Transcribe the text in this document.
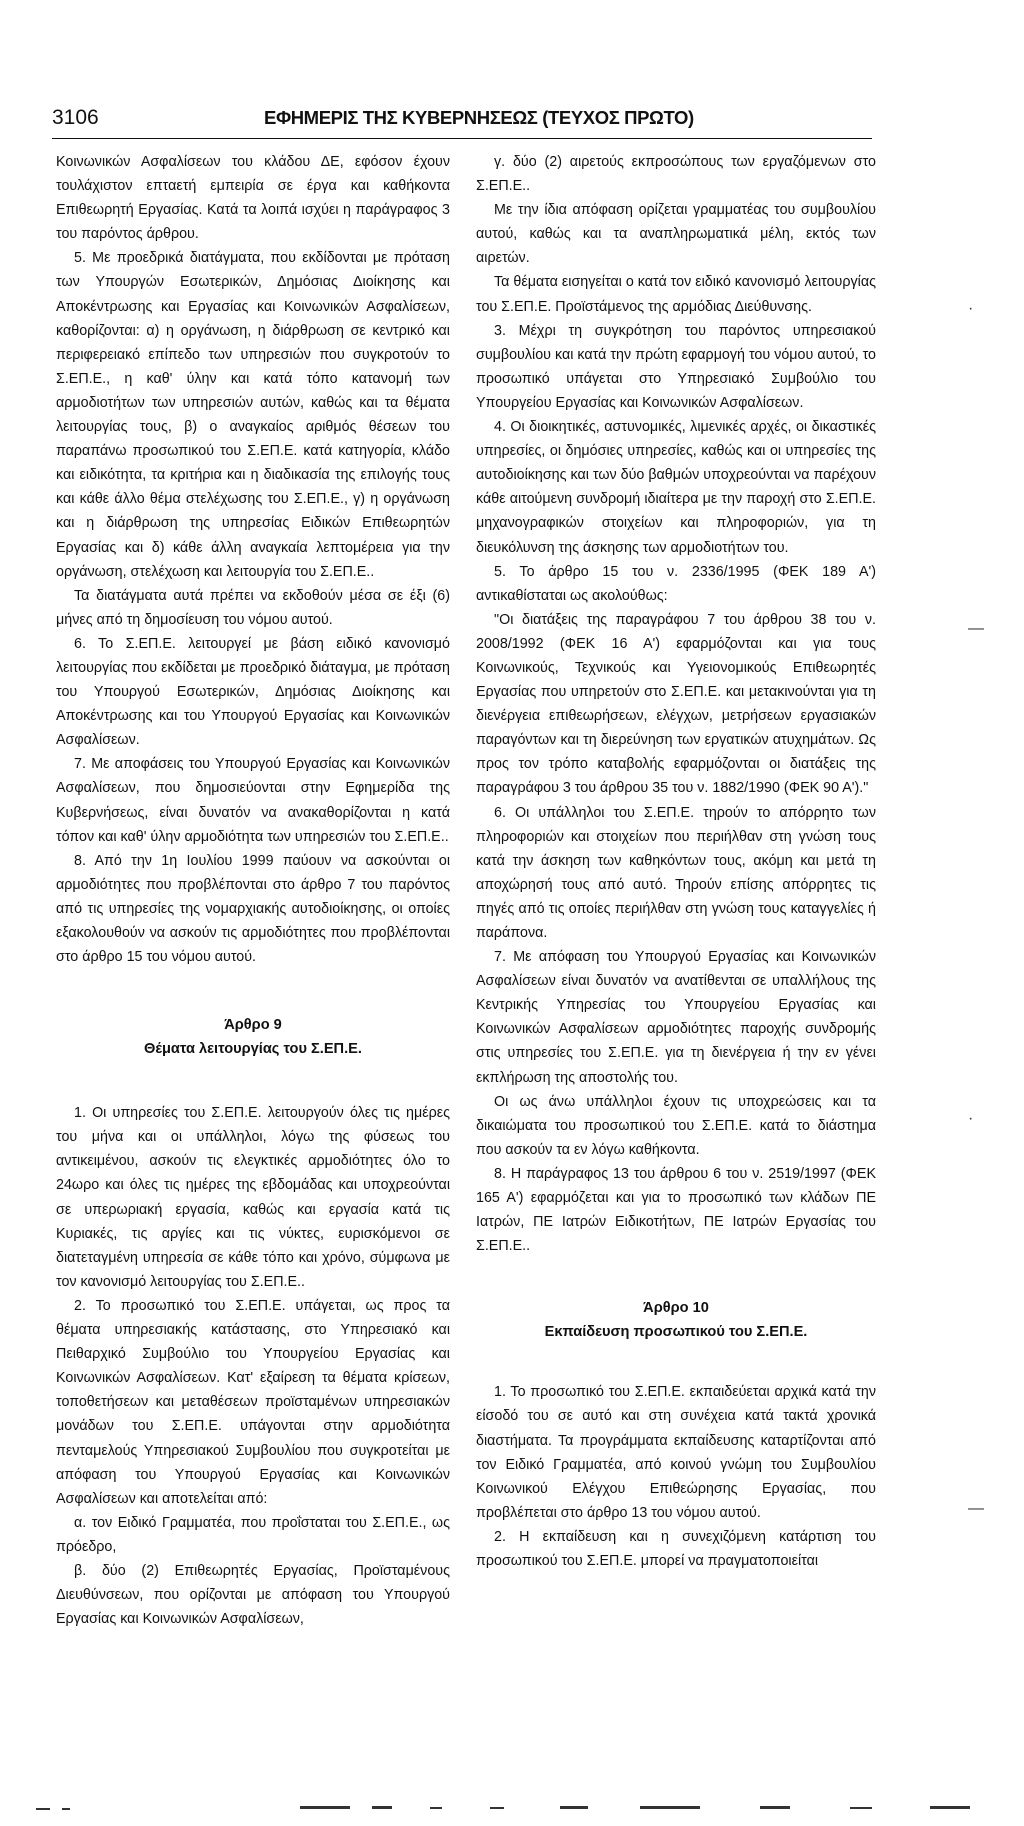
3106	ΕΦΗΜΕΡΙΣ ΤΗΣ ΚΥΒΕΡΝΗΣΕΩΣ (ΤΕΥΧΟΣ ΠΡΩΤΟ)

Κοινωνικών Ασφαλίσεων του κλάδου ΔΕ, εφόσον έχουν τουλάχιστον επταετή εμπειρία σε έργα και καθήκοντα Επιθεωρητή Εργασίας. Κατά τα λοιπά ισχύει η παράγραφος 3 του παρόντος άρθρου.

5. Με προεδρικά διατάγματα, που εκδίδονται με πρόταση των Υπουργών Εσωτερικών, Δημόσιας Διοίκησης και Αποκέντρωσης και Εργασίας και Κοινωνικών Ασφαλίσεων, καθορίζονται: α) η οργάνωση, η διάρθρωση σε κεντρικό και περιφερειακό επίπεδο των υπηρεσιών που συγκροτούν το Σ.ΕΠ.Ε., η καθ' ύλην και κατά τόπο κατανομή των αρμοδιοτήτων των υπηρεσιών αυτών, καθώς και τα θέματα λειτουργίας τους, β) ο αναγκαίος αριθμός θέσεων του παραπάνω προσωπικού του Σ.ΕΠ.Ε. κατά κατηγορία, κλάδο και ειδικότητα, τα κριτήρια και η διαδικασία της επιλογής τους και κάθε άλλο θέμα στελέχωσης του Σ.ΕΠ.Ε., γ) η οργάνωση και η διάρθρωση της υπηρεσίας Ειδικών Επιθεωρητών Εργασίας και δ) κάθε άλλη αναγκαία λεπτομέρεια για την οργάνωση, στελέχωση και λειτουργία του Σ.ΕΠ.Ε..

Τα διατάγματα αυτά πρέπει να εκδοθούν μέσα σε έξι (6) μήνες από τη δημοσίευση του νόμου αυτού.

6. Το Σ.ΕΠ.Ε. λειτουργεί με βάση ειδικό κανονισμό λειτουργίας που εκδίδεται με προεδρικό διάταγμα, με πρόταση του Υπουργού Εσωτερικών, Δημόσιας Διοίκησης και Αποκέντρωσης και του Υπουργού Εργασίας και Κοινωνικών Ασφαλίσεων.

7. Με αποφάσεις του Υπουργού Εργασίας και Κοινωνικών Ασφαλίσεων, που δημοσιεύονται στην Εφημερίδα της Κυβερνήσεως, είναι δυνατόν να ανακαθορίζονται η κατά τόπον και καθ' ύλην αρμοδιότητα των υπηρεσιών του Σ.ΕΠ.Ε..

8. Από την 1η Ιουλίου 1999 παύουν να ασκούνται οι αρμοδιότητες που προβλέπονται στο άρθρο 7 του παρόντος από τις υπηρεσίες της νομαρχιακής αυτοδιοίκησης, οι οποίες εξακολουθούν να ασκούν τις αρμοδιότητες που προβλέπονται στο άρθρο 15 του νόμου αυτού.

Άρθρο 9
Θέματα λειτουργίας του Σ.ΕΠ.Ε.

1. Οι υπηρεσίες του Σ.ΕΠ.Ε. λειτουργούν όλες τις ημέρες του μήνα και οι υπάλληλοι, λόγω της φύσεως του αντικειμένου, ασκούν τις ελεγκτικές αρμοδιότητες όλο το 24ωρο και όλες τις ημέρες της εβδομάδας και υποχρεούνται σε υπερωριακή εργασία, καθώς και εργασία κατά τις Κυριακές, τις αργίες και τις νύκτες, ευρισκόμενοι σε διατεταγμένη υπηρεσία σε κάθε τόπο και χρόνο, σύμφωνα με τον κανονισμό λειτουργίας του Σ.ΕΠ.Ε..

2. Το προσωπικό του Σ.ΕΠ.Ε. υπάγεται, ως προς τα θέματα υπηρεσιακής κατάστασης, στο Υπηρεσιακό και Πειθαρχικό Συμβούλιο του Υπουργείου Εργασίας και Κοινωνικών Ασφαλίσεων. Κατ' εξαίρεση τα θέματα κρίσεων, τοποθετήσεων και μεταθέσεων προϊσταμένων υπηρεσιακών μονάδων του Σ.ΕΠ.Ε. υπάγονται στην αρμοδιότητα πενταμελούς Υπηρεσιακού Συμβουλίου που συγκροτείται με απόφαση του Υπουργού Εργασίας και Κοινωνικών Ασφαλίσεων και αποτελείται από:

α. τον Ειδικό Γραμματέα, που προΐσταται του Σ.ΕΠ.Ε., ως πρόεδρο,

β. δύο (2) Επιθεωρητές Εργασίας, Προϊσταμένους Διευθύνσεων, που ορίζονται με απόφαση του Υπουργού Εργασίας και Κοινωνικών Ασφαλίσεων,

γ. δύο (2) αιρετούς εκπροσώπους των εργαζόμενων στο Σ.ΕΠ.Ε..

Με την ίδια απόφαση ορίζεται γραμματέας του συμβουλίου αυτού, καθώς και τα αναπληρωματικά μέλη, εκτός των αιρετών.

Τα θέματα εισηγείται ο κατά τον ειδικό κανονισμό λειτουργίας του Σ.ΕΠ.Ε. Προϊστάμενος της αρμόδιας Διεύθυνσης.

3. Μέχρι τη συγκρότηση του παρόντος υπηρεσιακού συμβουλίου και κατά την πρώτη εφαρμογή του νόμου αυτού, το προσωπικό υπάγεται στο Υπηρεσιακό Συμβούλιο του Υπουργείου Εργασίας και Κοινωνικών Ασφαλίσεων.

4. Οι διοικητικές, αστυνομικές, λιμενικές αρχές, οι δικαστικές υπηρεσίες, οι δημόσιες υπηρεσίες, καθώς και οι υπηρεσίες της αυτοδιοίκησης και των δύο βαθμών υποχρεούνται να παρέχουν κάθε αιτούμενη συνδρομή ιδιαίτερα με την παροχή στο Σ.ΕΠ.Ε. μηχανογραφικών στοιχείων και πληροφοριών, για τη διευκόλυνση της άσκησης των αρμοδιοτήτων του.

5. Το άρθρο 15 του ν. 2336/1995 (ΦΕΚ 189 Α') αντικαθίσταται ως ακολούθως:

"Οι διατάξεις της παραγράφου 7 του άρθρου 38 του ν. 2008/1992 (ΦΕΚ 16 Α') εφαρμόζονται και για τους Κοινωνικούς, Τεχνικούς και Υγειονομικούς Επιθεωρητές Εργασίας που υπηρετούν στο Σ.ΕΠ.Ε. και μετακινούνται για τη διενέργεια επιθεωρήσεων, ελέγχων, μετρήσεων εργασιακών παραγόντων και τη διερεύνηση των εργατικών ατυχημάτων. Ως προς τον τρόπο καταβολής εφαρμόζονται οι διατάξεις της παραγράφου 3 του άρθρου 35 του ν. 1882/1990 (ΦΕΚ 90 Α')."

6. Οι υπάλληλοι του Σ.ΕΠ.Ε. τηρούν το απόρρητο των πληροφοριών και στοιχείων που περιήλθαν στη γνώση τους κατά την άσκηση των καθηκόντων τους, ακόμη και μετά τη αποχώρησή τους από αυτό. Τηρούν επίσης απόρρητες τις πηγές από τις οποίες περιήλθαν στη γνώση τους καταγγελίες ή παράπονα.

7. Με απόφαση του Υπουργού Εργασίας και Κοινωνικών Ασφαλίσεων είναι δυνατόν να ανατίθενται σε υπαλλήλους της Κεντρικής Υπηρεσίας του Υπουργείου Εργασίας και Κοινωνικών Ασφαλίσεων αρμοδιότητες παροχής συνδρομής στις υπηρεσίες του Σ.ΕΠ.Ε. για τη διενέργεια ή την εν γένει εκπλήρωση της αποστολής του.

Οι ως άνω υπάλληλοι έχουν τις υποχρεώσεις και τα δικαιώματα του προσωπικού του Σ.ΕΠ.Ε. κατά το διάστημα που ασκούν τα εν λόγω καθήκοντα.

8. Η παράγραφος 13 του άρθρου 6 του ν. 2519/1997 (ΦΕΚ 165 Α') εφαρμόζεται και για το προσωπικό των κλάδων ΠΕ Ιατρών, ΠΕ Ιατρών Ειδικοτήτων, ΠΕ Ιατρών Εργασίας του Σ.ΕΠ.Ε..

Άρθρο 10
Εκπαίδευση προσωπικού του Σ.ΕΠ.Ε.

1. Το προσωπικό του Σ.ΕΠ.Ε. εκπαιδεύεται αρχικά κατά την είσοδό του σε αυτό και στη συνέχεια κατά τακτά χρονικά διαστήματα. Τα προγράμματα εκπαίδευσης καταρτίζονται από τον Ειδικό Γραμματέα, από κοινού γνώμη του Συμβουλίου Κοινωνικού Ελέγχου Επιθεώρησης Εργασίας, που προβλέπεται στο άρθρο 13 του νόμου αυτού.

2. Η εκπαίδευση και η συνεχιζόμενη κατάρτιση του προσωπικού του Σ.ΕΠ.Ε. μπορεί να πραγματοποιείται

·
—
·
—
